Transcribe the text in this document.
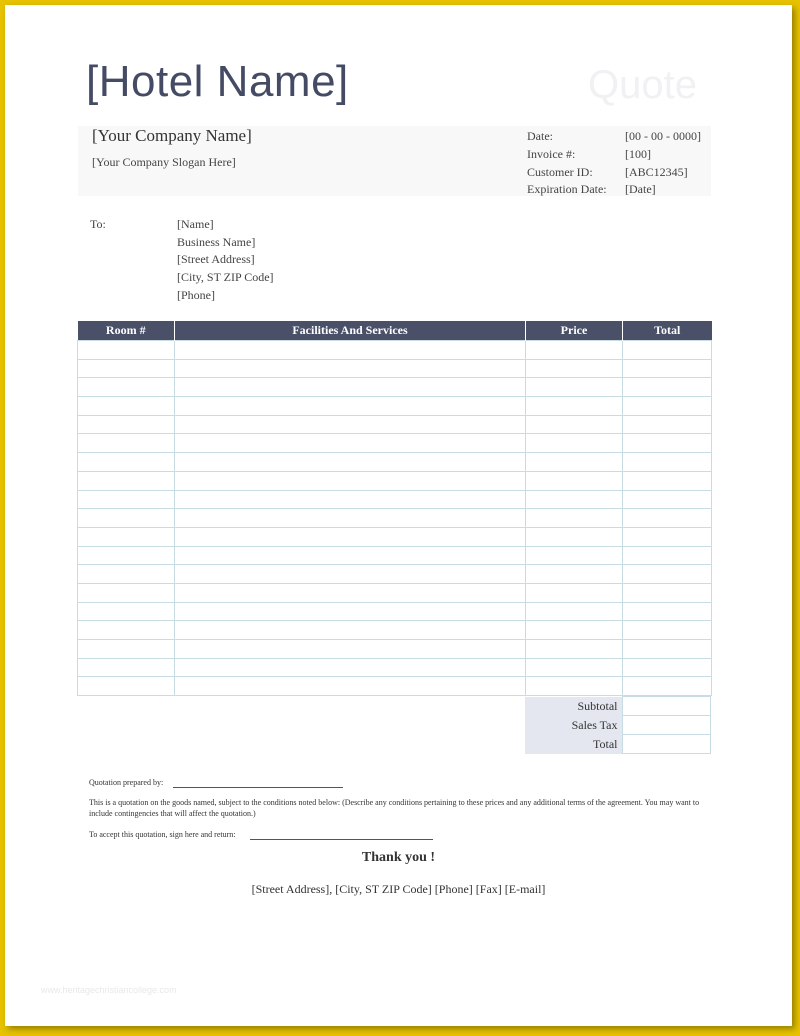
Quote
[Hotel Name]
[Your Company Name]
[Your Company Slogan Here]
Date:	[00 - 00 - 0000]
Invoice #:	[100]
Customer ID:	[ABC12345]
Expiration Date: [Date]
To:	[Name]
Business Name]
[Street Address]
[City, ST ZIP Code]
[Phone]
Room #	Facilities And Services	Price	Total

Subtotal	
Sales Tax	
Total	
Quotation prepared by:
This is a quotation on the goods named, subject to the conditions noted below: (Describe any conditions pertaining to these prices and any additional terms of the agreement. You may want to include contingencies that will affect the quotation.)
To accept this quotation, sign here and return:
Thank you !
[Street Address], [City, ST ZIP Code] [Phone] [Fax] [E-mail]
www.heritagechristiancollege.com
